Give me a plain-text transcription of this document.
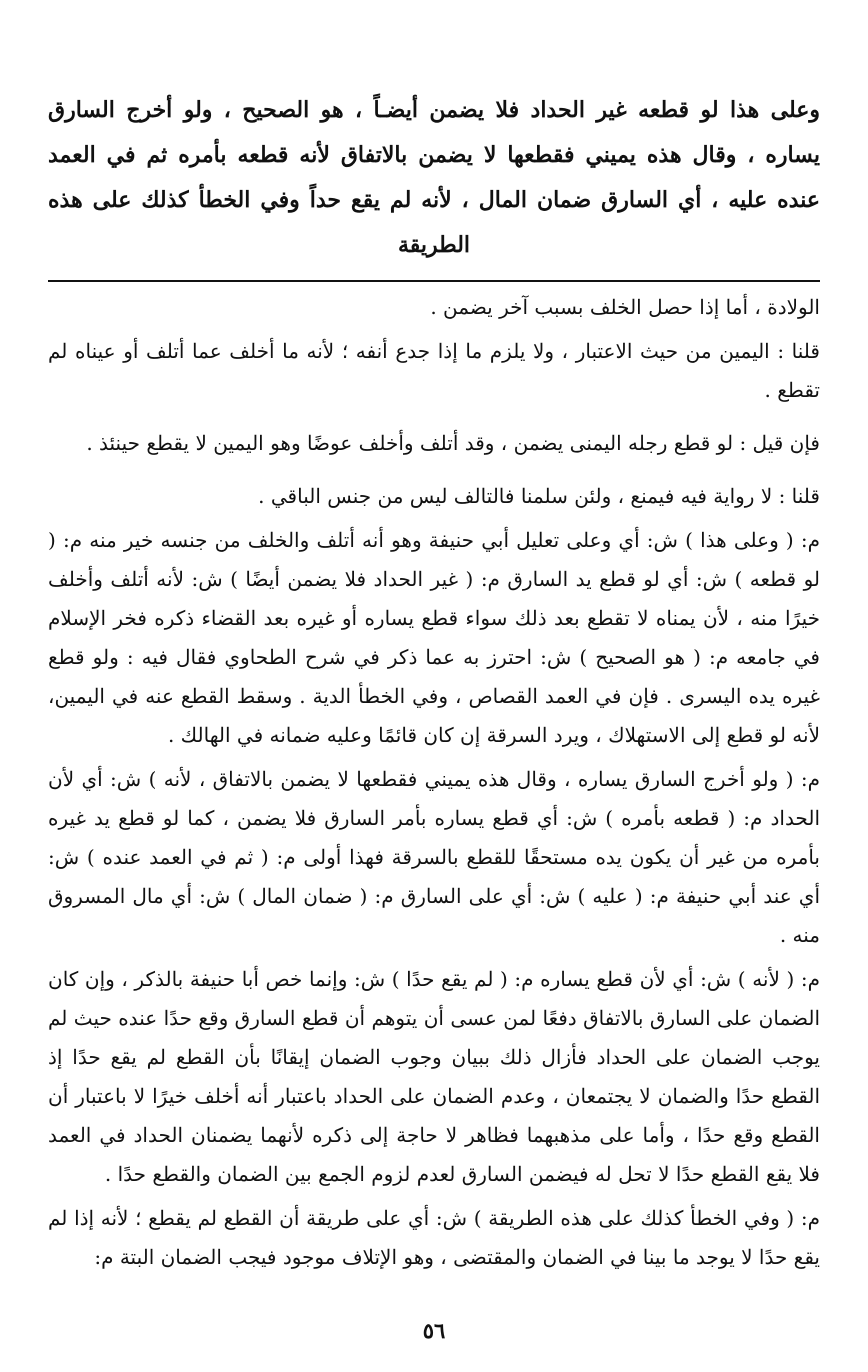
وعلى هذا لو قطعه غير الحداد فلا يضمن أيضـاً ، هو الصحيح ، ولو أخرج السارق يساره ، وقال هذه يميني فقطعها لا يضمن بالاتفاق لأنه قطعه بأمره ثم في العمد عنده عليه ، أي السارق ضمان المال ، لأنه لم يقع حداً وفي الخطأ كذلك على هذه الطريقة

الولادة ، أما إذا حصل الخلف بسبب آخر يضمن .

قلنا : اليمين من حيث الاعتبار ، ولا يلزم ما إذا جدع أنفه ؛ لأنه ما أخلف عما أتلف أو عيناه لم تقطع .

فإن قيل : لو قطع رجله اليمنى يضمن ، وقد أتلف وأخلف عوضًا وهو اليمين لا يقطع حينئذ .

قلنا : لا رواية فيه فيمنع ، ولئن سلمنا فالتالف ليس من جنس الباقي .

م: ( وعلى هذا ) ش: أي وعلى تعليل أبي حنيفة وهو أنه أتلف والخلف من جنسه خير منه م: ( لو قطعه ) ش: أي لو قطع يد السارق م: ( غير الحداد فلا يضمن أيضًا ) ش: لأنه أتلف وأخلف خيرًا منه ، لأن يمناه لا تقطع بعد ذلك سواء قطع يساره أو غيره بعد القضاء ذكره فخر الإسلام في جامعه م: ( هو الصحيح ) ش: احترز به عما ذكر في شرح الطحاوي فقال فيه : ولو قطع غيره يده اليسرى . فإن في العمد القصاص ، وفي الخطأ الدية . وسقط القطع عنه في اليمين، لأنه لو قطع إلى الاستهلاك ، ويرد السرقة إن كان قائمًا وعليه ضمانه في الهالك .

م: ( ولو أخرج السارق يساره ، وقال هذه يميني فقطعها لا يضمن بالاتفاق ، لأنه ) ش: أي لأن الحداد م: ( قطعه بأمره ) ش: أي قطع يساره بأمر السارق فلا يضمن ، كما لو قطع يد غيره بأمره من غير أن يكون يده مستحقًا للقطع بالسرقة فهذا أولى م: ( ثم في العمد عنده ) ش: أي عند أبي حنيفة م: ( عليه ) ش: أي على السارق م: ( ضمان المال ) ش: أي مال المسروق منه .

م: ( لأنه ) ش: أي لأن قطع يساره م: ( لم يقع حدًا ) ش: وإنما خص أبا حنيفة بالذكر ، وإن كان الضمان على السارق بالاتفاق دفعًا لمن عسى أن يتوهم أن قطع السارق وقع حدًا عنده حيث لم يوجب الضمان على الحداد فأزال ذلك ببيان وجوب الضمان إيقانًا بأن القطع لم يقع حدًا إذ القطع حدًا والضمان لا يجتمعان ، وعدم الضمان على الحداد باعتبار أنه أخلف خيرًا لا باعتبار أن القطع وقع حدًا ، وأما على مذهبهما فظاهر لا حاجة إلى ذكره لأنهما يضمنان الحداد في العمد فلا يقع القطع حدًا لا تحل له فيضمن السارق لعدم لزوم الجمع بين الضمان والقطع حدًا .

م: ( وفي الخطأ كذلك على هذه الطريقة ) ش: أي على طريقة أن القطع لم يقطع ؛ لأنه إذا لم يقع حدًا لا يوجد ما بينا في الضمان والمقتضى ، وهو الإتلاف موجود فيجب الضمان البتة م:

٥٦
